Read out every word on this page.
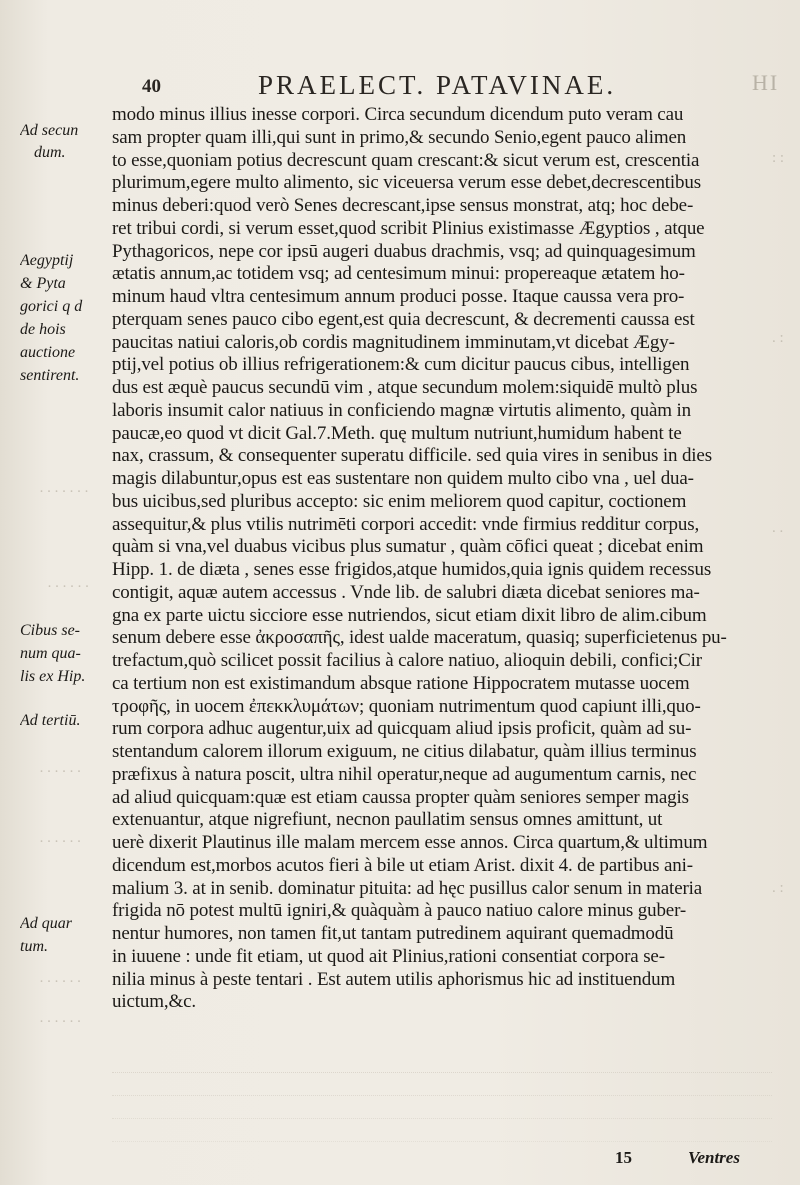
40	PRAELECT. PATAVINAE.	HI
Ad secun
dum.
Aegyptij
& Pyta
gorici q d
de hois
auctione
sentirent.
Cibus se-
num qua-
lis ex Hip.
Ad tertiū.
Ad quar
tum.
. . . . . . .
. . . . . .
. . . . . .
. . . . . .
. . . . . .
. . . . . .
: :
. :
. .
. :
modo minus illius inesse corpori. Circa secundum dicendum puto veram cau
sam propter quam illi,qui sunt in primo,& secundo Senio,egent pauco alimen
to esse,quoniam potius decrescunt quam crescant:& sicut verum est, crescentia
plurimum,egere multo alimento, sic viceuersa verum esse debet,decrescentibus
minus deberi:quod verò Senes decrescant,ipse sensus monstrat, atq; hoc debe-
ret tribui cordi, si verum esset,quod scribit Plinius existimasse Ægyptios , atque
Pythagoricos, nepe cor ipsū augeri duabus drachmis, vsq; ad quinquagesimum
ætatis annum,ac totidem vsq; ad centesimum minui: propereaque ætatem ho-
minum haud vltra centesimum annum produci posse. Itaque caussa vera pro-
pterquam senes pauco cibo egent,est quia decrescunt, & decrementi caussa est
paucitas natiui caloris,ob cordis magnitudinem imminutam,vt dicebat Ægy-
ptij,vel potius ob illius refrigerationem:& cum dicitur paucus cibus, intelligen
dus est æquè paucus secundū vim , atque secundum molem:siquidē multò plus
laboris insumit calor natiuus in conficiendo magnæ virtutis alimento, quàm in
paucæ,eo quod vt dicit Gal.7.Meth. quę multum nutriunt,humidum habent te
nax, crassum, & consequenter superatu difficile. sed quia vires in senibus in dies
magis dilabuntur,opus est eas sustentare non quidem multo cibo vna , uel dua-
bus uicibus,sed pluribus accepto: sic enim meliorem quod capitur, coctionem
assequitur,& plus vtilis nutrimēti corpori accedit: vnde firmius redditur corpus,
quàm si vna,vel duabus vicibus plus sumatur , quàm cōfici queat ; dicebat enim
Hipp. 1. de diæta , senes esse frigidos,atque humidos,quia ignis quidem recessus
contigit, aquæ autem accessus . Vnde lib. de salubri diæta dicebat seniores ma-
gna ex parte uictu sicciore esse nutriendos, sicut etiam dixit libro de alim.cibum
senum debere esse ἀκροσαπῆς, idest ualde maceratum, quasiq; superficietenus pu-
trefactum,quò scilicet possit facilius à calore natiuo, alioquin debili, confici;Cir
ca tertium non est existimandum absque ratione Hippocratem mutasse uocem
τροφῆς, in uocem ἐπεκκλυμάτων; quoniam nutrimentum quod capiunt illi,quo-
rum corpora adhuc augentur,uix ad quicquam aliud ipsis proficit, quàm ad su-
stentandum calorem illorum exiguum, ne citius dilabatur, quàm illius terminus
præfixus à natura poscit, ultra nihil operatur,neque ad augumentum carnis, nec
ad aliud quicquam:quæ est etiam caussa propter quàm seniores semper magis
extenuantur, atque nigrefiunt, necnon paullatim sensus omnes amittunt, ut
uerè dixerit Plautinus ille malam mercem esse annos. Circa quartum,& ultimum
dicendum est,morbos acutos fieri à bile ut etiam Arist. dixit 4. de partibus ani-
malium 3. at in senib. dominatur pituita: ad hęc pusillus calor senum in materia
frigida nō potest multū igniri,& quàquàm à pauco natiuo calore minus guber-
nentur humores, non tamen fit,ut tantam putredinem aquirant quemadmodū
in iuuene : unde fit etiam, ut quod ait Plinius,rationi consentiat corpora se-
nilia minus à peste tentari . Est autem utilis aphorismus hic ad instituendum
uictum,&c.
15	Ventres
